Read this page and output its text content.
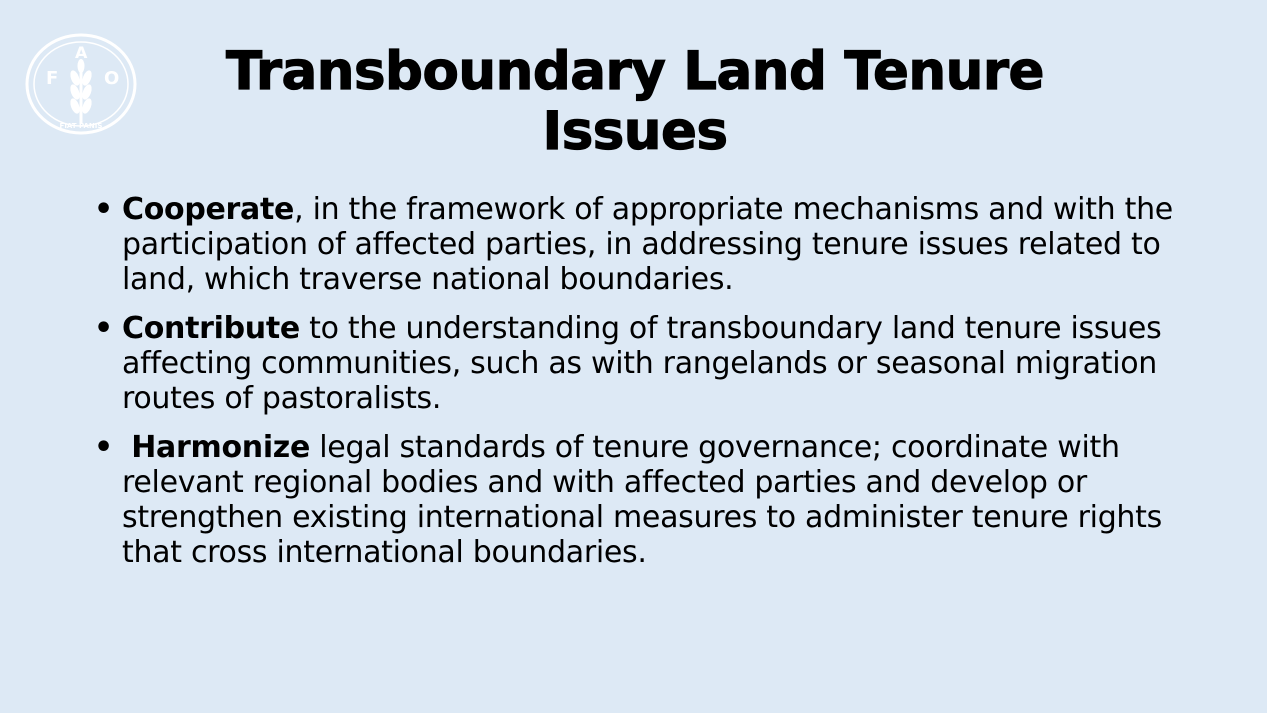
F
A
O
FIAT PANIS
Transboundary Land Tenure Issues
• Cooperate, in the framework of appropriate mechanisms and with the participation of affected parties, in addressing tenure issues related to land, which traverse national boundaries.
• Contribute to the understanding of transboundary land tenure issues affecting communities, such as with rangelands or seasonal migration routes of pastoralists.
• Harmonize legal standards of tenure governance; coordinate with relevant regional bodies and with affected parties and develop or strengthen existing international measures to administer tenure rights that cross international boundaries.
